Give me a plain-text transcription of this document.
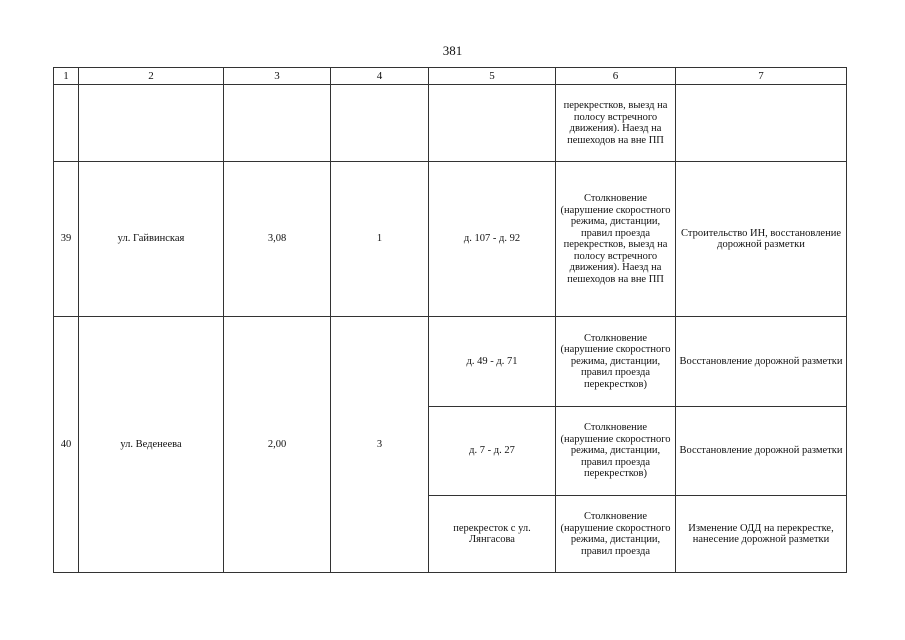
381
1	2	3	4	5	6	7
					перекрестков, выезд на полосу встречного движения). Наезд на пешеходов на вне ПП	
39	ул. Гайвинская	3,08	1	д. 107 - д. 92	Столкновение (нарушение скоростного режима, дистанции, правил проезда перекрестков, выезд на полосу встречного движения). Наезд на пешеходов на вне ПП	Строительство ИН, восстановление дорожной разметки
40	ул. Веденеева	2,00	3	д. 49 - д. 71	Столкновение (нарушение скоростного режима, дистанции, правил проезда перекрестков)	Восстановление дорожной разметки
				д. 7 - д. 27	Столкновение (нарушение скоростного режима, дистанции, правил проезда перекрестков)	Восстановление дорожной разметки
				перекресток с ул. Лянгасова	Столкновение (нарушение скоростного режима, дистанции, правил проезда	Изменение ОДД на перекрестке, нанесение дорожной разметки
